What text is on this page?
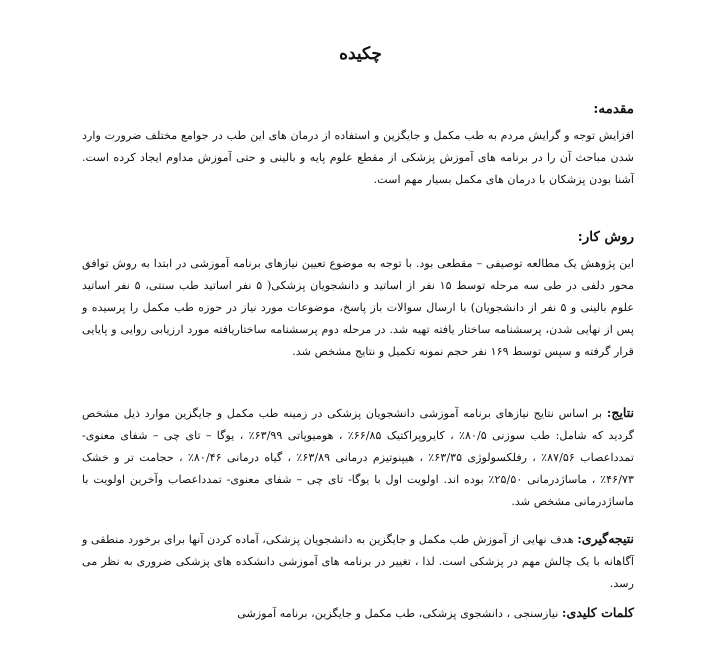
چکیده
مقدمه:

افزایش توجه و گرایش مردم به طب مکمل و جایگزین و استفاده از درمان های این طب در جوامع مختلف ضرورت وارد شدن مباحث آن را در برنامه های آموزش پزشکی از مقطع علوم پایه و بالینی و حتی آموزش مداوم ایجاد کرده است. آشنا بودن پزشکان با درمان های مکمل بسیار مهم است.

روش کار:

این پژوهش یک مطالعه توصیفی – مقطعی بود. با توجه به موضوع تعیین نیازهای برنامه آموزشی در ابتدا به روش توافق محور دلفی در طی سه مرحله توسط ۱۵ نفر از اساتید و دانشجویان پزشکی( ۵ نفر اساتید طب سنتی، ۵ نفر اساتید علوم بالینی و ۵ نفر از دانشجویان) با ارسال سوالات باز پاسخ، موضوعات مورد نیاز در حوزه طب مکمل را پرسیده و پس از نهایی شدن، پرسشنامه ساختار یافته تهیه شد. در مرحله دوم پرسشنامه ساختاریافته مورد ارزیابی روایی و پایایی قرار گرفته و سپس توسط ۱۶۹ نفر حجم نمونه تکمیل و نتایج مشخص شد.

نتایج: بر اساس نتایج نیازهای برنامه آموزشی دانشجویان پزشکی در زمینه طب مکمل و جایگزین موارد ذیل مشخص گردید که شامل: طب سوزنی ۸۰/۵٪ ، کایروپراکتیک ۶۶/۸۵٪ ، هومیوپاتی ۶۳/۹۹٪ ، یوگا – تای چی – شفای معنوی- تمدداعصاب ۸۷/۵۶٪ ، رفلکسولوژی ۶۳/۳۵٪ ، هیپنوتیزم درمانی ۶۳/۸۹٪ ، گیاه درمانی ۸۰/۴۶٪ ، حجامت تر و خشک ۴۶/۷۳٪ ، ماساژدرمانی ۲۵/۵۰٪ بوده اند. اولویت اول با یوگا- تای چی – شفای معنوی- تمدداعصاب وآخرین اولویت با ماساژدرمانی مشخص شد.

نتیجه‌گیری: هدف نهایی از آموزش طب مکمل و جایگزین به دانشجویان پزشکی، آماده کردن آنها برای برخورد منطقی و آگاهانه با یک چالش مهم در پزشکی است. لذا ، تغییر در برنامه های آموزشی دانشکده های پزشکی ضروری به نظر می رسد.

کلمات کلیدی: نیازسنجی ، دانشجوی پزشکی، طب مکمل و جایگزین، برنامه آموزشی
